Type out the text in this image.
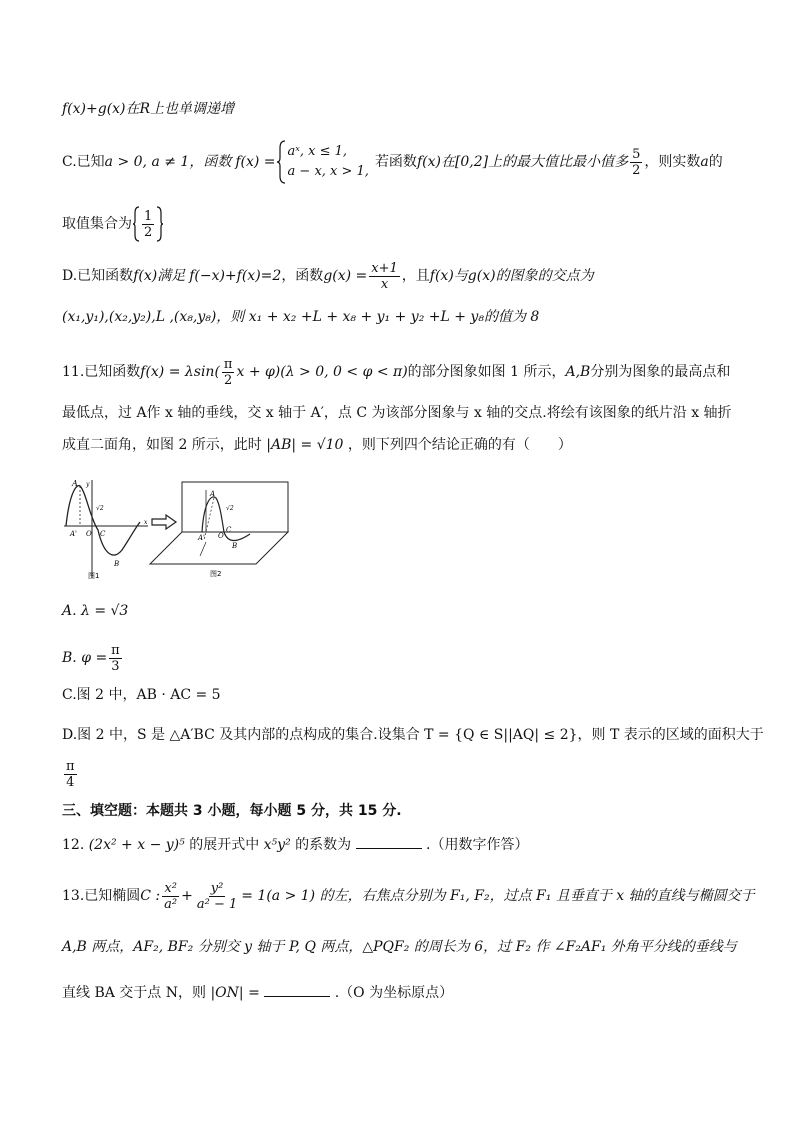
f(x)+g(x)在R上也单调递增
C.已知 a > 0, a ≠ 1，函数 f(x) =
aˣ, x ≤ 1,
a − x, x > 1,
若函数 f(x)在[0,2]上的最大值比最小值多 $\frac{5}{2}$ ，则实数 a 的
取值集合为 $\frac{1}{2}$
D.已知函数 f(x)满足 f(−x)+f(x)=2 ，函数 $g(x) = \frac{x+1}{x}$ ，且 f(x)与g(x)的图象的交点为
(x₁,y₁),(x₂,y₂),L ,(x₈,y₈)，则 x₁ + x₂ +L + x₈ + y₁ + y₂ +L + y₈的值为 8
11.已知函数 $f(x) = \lambda\sin( \frac{\pi}{2}$ x + φ)(λ > 0, 0 < φ < π) 的部分图象如图 1 所示， A,B 分别为图象的最高点和
最低点，过 A作 x 轴的垂线，交 x 轴于 A′，点 C 为该部分图象与 x 轴的交点.将绘有该图象的纸片沿 x 轴折
成直二面角，如图 2 所示，此时 |AB| = √10 ，则下列四个结论正确的有（　　）
A
A' O C
B
√2
x
y
图1
A
A' O
C
B
√2
图2
A. λ = √3
B. $\varphi = \frac{\pi}{3}$
C.图 2 中，AB · AC = 5
D.图 2 中，S 是 △A′BC 及其内部的点构成的集合.设集合 T = {Q ∈ S||AQ| ≤ 2}，则 T 表示的区域的面积大于
$\frac{\pi}{4}$
三、填空题：本题共 3 小题，每小题 5 分，共 15 分.
12. (2x² + x − y)⁵ 的展开式中 x⁵y² 的系数为	.（用数字作答）
13.已知椭圆 C : $\frac{\text{x²}}{\text{a²}} + \frac{\text{y²}}{\text{a² − 1}} = 1(a > 1)$ 的左，右焦点分别为 F₁, F₂，过点 F₁ 且垂直于 x 轴的直线与椭圆交于
A,B 两点，AF₂, BF₂ 分别交 y 轴于 P, Q 两点，△PQF₂ 的周长为 6，过 F₂ 作 ∠F₂AF₁ 外角平分线的垂线与
直线 BA 交于点 N，则 |ON| =	.（O 为坐标原点）
